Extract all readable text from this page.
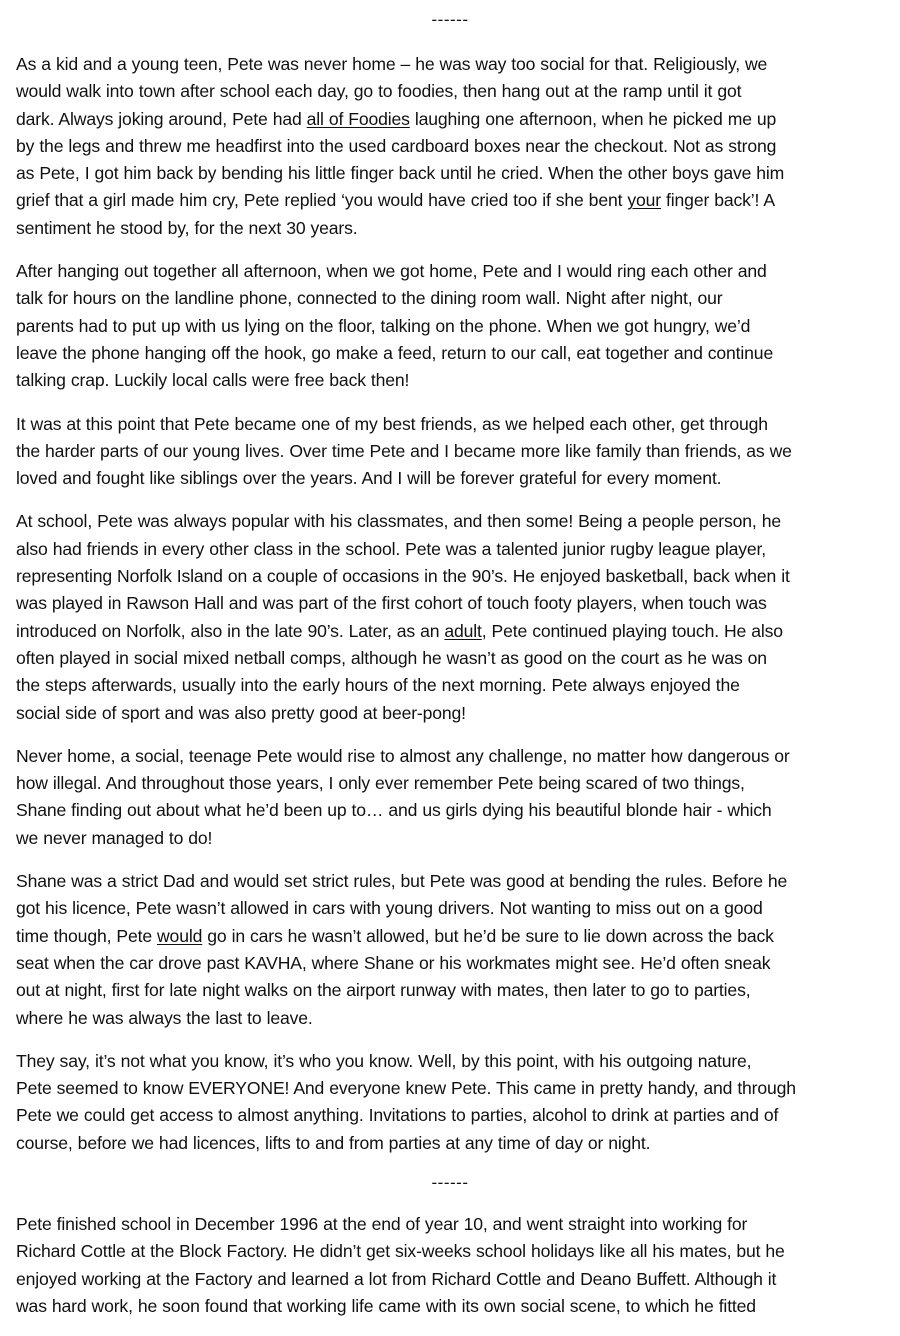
------

As a kid and a young teen, Pete was never home – he was way too social for that. Religiously, we
would walk into town after school each day, go to foodies, then hang out at the ramp until it got
dark. Always joking around, Pete had all of Foodies laughing one afternoon, when he picked me up
by the legs and threw me headfirst into the used cardboard boxes near the checkout. Not as strong
as Pete, I got him back by bending his little finger back until he cried. When the other boys gave him
grief that a girl made him cry, Pete replied ‘you would have cried too if she bent your finger back’! A
sentiment he stood by, for the next 30 years.

After hanging out together all afternoon, when we got home, Pete and I would ring each other and
talk for hours on the landline phone, connected to the dining room wall. Night after night, our
parents had to put up with us lying on the floor, talking on the phone. When we got hungry, we’d
leave the phone hanging off the hook, go make a feed, return to our call, eat together and continue
talking crap. Luckily local calls were free back then!

It was at this point that Pete became one of my best friends, as we helped each other, get through
the harder parts of our young lives. Over time Pete and I became more like family than friends, as we
loved and fought like siblings over the years. And I will be forever grateful for every moment.

At school, Pete was always popular with his classmates, and then some! Being a people person, he
also had friends in every other class in the school. Pete was a talented junior rugby league player,
representing Norfolk Island on a couple of occasions in the 90’s. He enjoyed basketball, back when it
was played in Rawson Hall and was part of the first cohort of touch footy players, when touch was
introduced on Norfolk, also in the late 90’s. Later, as an adult, Pete continued playing touch. He also
often played in social mixed netball comps, although he wasn’t as good on the court as he was on
the steps afterwards, usually into the early hours of the next morning. Pete always enjoyed the
social side of sport and was also pretty good at beer-pong!

Never home, a social, teenage Pete would rise to almost any challenge, no matter how dangerous or
how illegal. And throughout those years, I only ever remember Pete being scared of two things,
Shane finding out about what he’d been up to… and us girls dying his beautiful blonde hair - which
we never managed to do!

Shane was a strict Dad and would set strict rules, but Pete was good at bending the rules. Before he
got his licence, Pete wasn’t allowed in cars with young drivers. Not wanting to miss out on a good
time though, Pete would go in cars he wasn’t allowed, but he’d be sure to lie down across the back
seat when the car drove past KAVHA, where Shane or his workmates might see. He’d often sneak
out at night, first for late night walks on the airport runway with mates, then later to go to parties,
where he was always the last to leave.

They say, it’s not what you know, it’s who you know. Well, by this point, with his outgoing nature,
Pete seemed to know EVERYONE! And everyone knew Pete. This came in pretty handy, and through
Pete we could get access to almost anything. Invitations to parties, alcohol to drink at parties and of
course, before we had licences, lifts to and from parties at any time of day or night.

------

Pete finished school in December 1996 at the end of year 10, and went straight into working for
Richard Cottle at the Block Factory. He didn’t get six-weeks school holidays like all his mates, but he
enjoyed working at the Factory and learned a lot from Richard Cottle and Deano Buffett. Although it
was hard work, he soon found that working life came with its own social scene, to which he fitted
